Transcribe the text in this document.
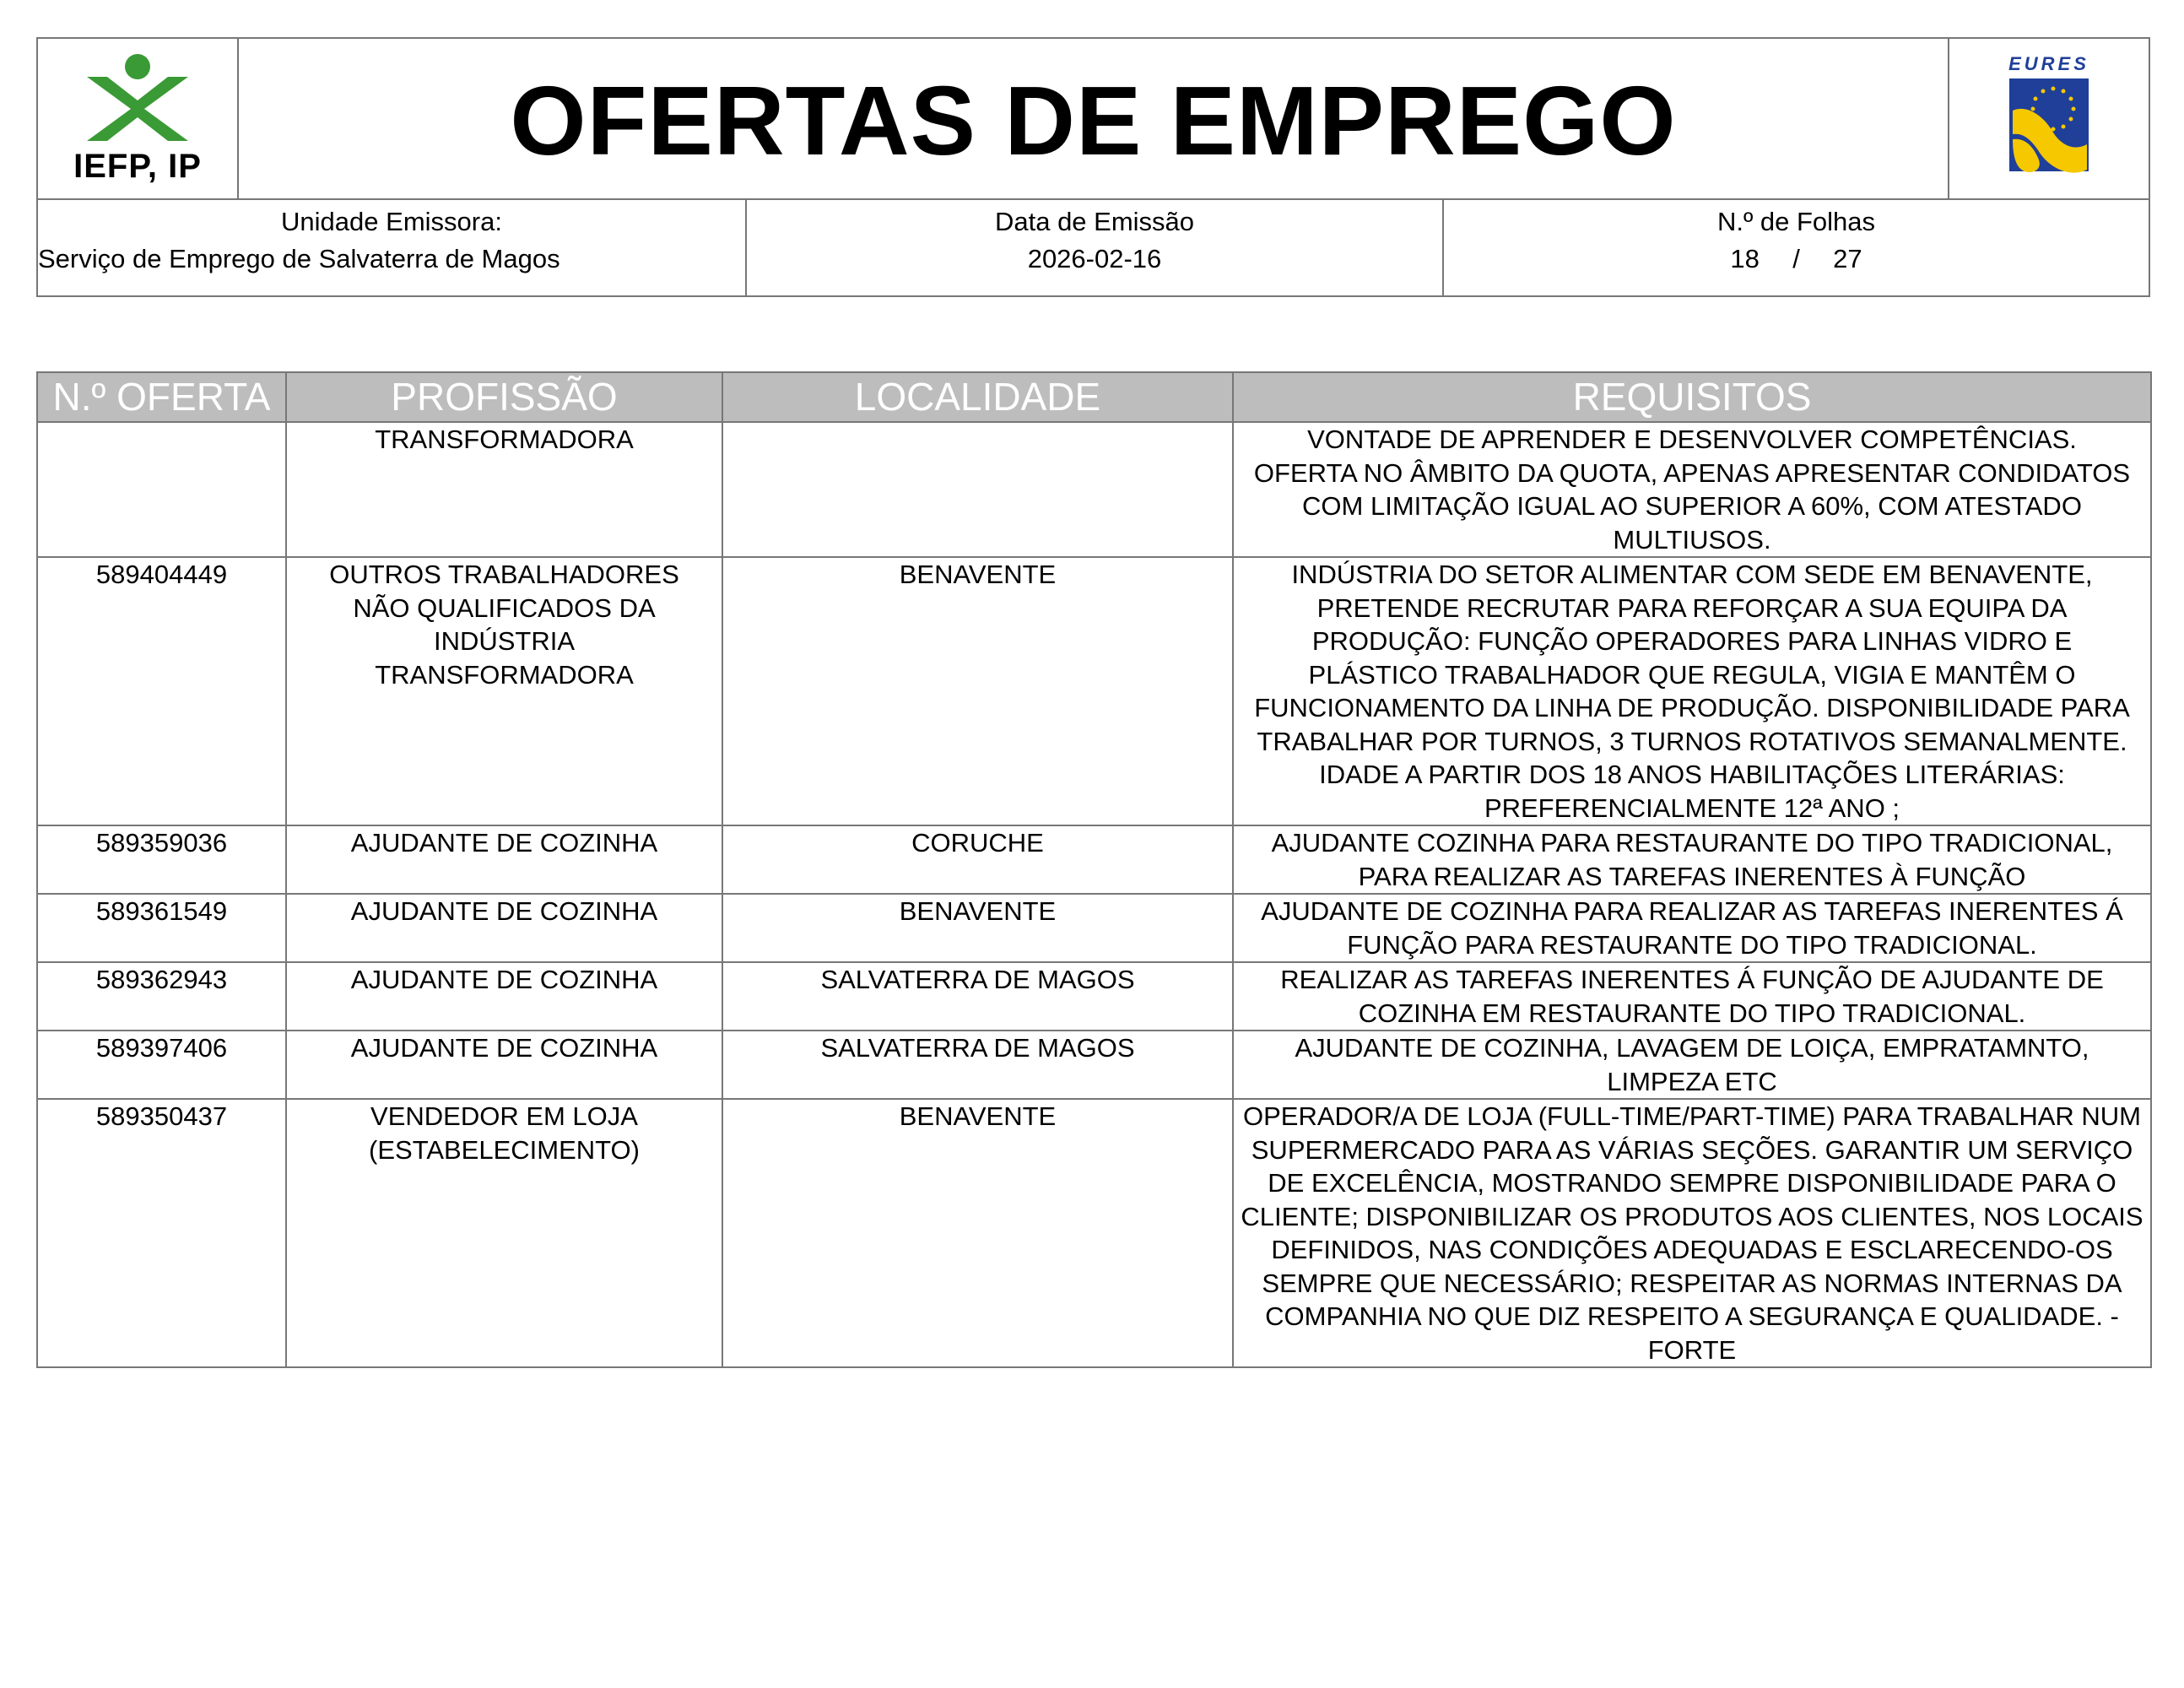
IEFP, IP	OFERTAS DE EMPREGO
EURES
Unidade Emissora:
Serviço de Emprego de Salvaterra de Magos
Data de Emissão
2026-02-16
N.º de Folhas
18 / 27
N.º OFERTA	PROFISSÃO	LOCALIDADE	REQUISITOS
	TRANSFORMADORA		VONTADE DE APRENDER E DESENVOLVER COMPETÊNCIAS. OFERTA NO ÂMBITO DA QUOTA, APENAS APRESENTAR CONDIDATOS COM LIMITAÇÃO IGUAL AO SUPERIOR A 60%, COM ATESTADO MULTIUSOS.
589404449	OUTROS TRABALHADORES NÃO QUALIFICADOS DA INDÚSTRIA TRANSFORMADORA	BENAVENTE	INDÚSTRIA DO SETOR ALIMENTAR COM SEDE EM BENAVENTE, PRETENDE RECRUTAR PARA REFORÇAR A SUA EQUIPA DA PRODUÇÃO: FUNÇÃO OPERADORES PARA LINHAS VIDRO E PLÁSTICO TRABALHADOR QUE REGULA, VIGIA E MANTÊM O FUNCIONAMENTO DA LINHA DE PRODUÇÃO. DISPONIBILIDADE PARA TRABALHAR POR TURNOS, 3 TURNOS ROTATIVOS SEMANALMENTE. IDADE A PARTIR DOS 18 ANOS HABILITAÇÕES LITERÁRIAS: PREFERENCIALMENTE 12ª ANO ;
589359036	AJUDANTE DE COZINHA	CORUCHE	AJUDANTE COZINHA PARA RESTAURANTE DO TIPO TRADICIONAL, PARA REALIZAR AS TAREFAS INERENTES À FUNÇÃO
589361549	AJUDANTE DE COZINHA	BENAVENTE	AJUDANTE DE COZINHA PARA REALIZAR AS TAREFAS INERENTES Á FUNÇÃO PARA RESTAURANTE DO TIPO TRADICIONAL.
589362943	AJUDANTE DE COZINHA	SALVATERRA DE MAGOS	REALIZAR AS TAREFAS INERENTES Á FUNÇÃO DE AJUDANTE DE COZINHA EM RESTAURANTE DO TIPO TRADICIONAL.
589397406	AJUDANTE DE COZINHA	SALVATERRA DE MAGOS	AJUDANTE DE COZINHA, LAVAGEM DE LOIÇA, EMPRATAMNTO, LIMPEZA ETC
589350437	VENDEDOR EM LOJA (ESTABELECIMENTO)	BENAVENTE	OPERADOR/A DE LOJA (FULL-TIME/PART-TIME) PARA TRABALHAR NUM SUPERMERCADO PARA AS VÁRIAS SEÇÕES. GARANTIR UM SERVIÇO DE EXCELÊNCIA, MOSTRANDO SEMPRE DISPONIBILIDADE PARA O CLIENTE; DISPONIBILIZAR OS PRODUTOS AOS CLIENTES, NOS LOCAIS DEFINIDOS, NAS CONDIÇÕES ADEQUADAS E ESCLARECENDO-OS SEMPRE QUE NECESSÁRIO; RESPEITAR AS NORMAS INTERNAS DA COMPANHIA NO QUE DIZ RESPEITO A SEGURANÇA E QUALIDADE. -FORTE
